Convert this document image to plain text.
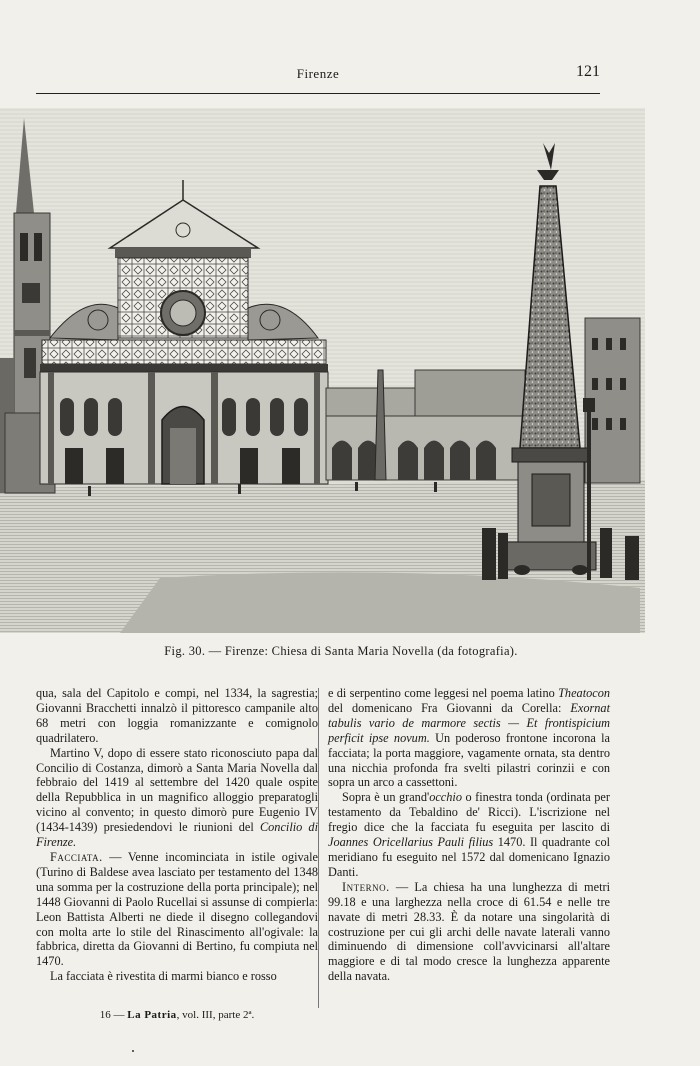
Firenze	121
Fig. 30. — Firenze: Chiesa di Santa Maria Novella (da fotografia).

qua, sala del Capitolo e compi, nel 1334, la sagrestia; Giovanni Bracchetti innalzò il pittoresco campanile alto 68 metri con loggia romanizzante e comignolo quadrilatero.

Martino V, dopo di essere stato riconosciuto papa dal Concilio di Costanza, dimorò a Santa Maria Novella dal febbraio del 1419 al settembre del 1420 quale ospite della Repubblica in un magnifico alloggio preparatogli vicino al convento; in questo dimorò pure Eugenio IV (1434-1439) presiedendovi le riunioni del Concilio di Firenze.

Facciata. — Venne incominciata in istile ogivale (Turino di Baldese avea lasciato per testamento del 1348 una somma per la costruzione della porta principale); nel 1448 Giovanni di Paolo Rucellai si assunse di compierla: Leon Battista Alberti ne diede il disegno collegandovi con molta arte lo stile del Rinascimento all'ogivale: la fabbrica, diretta da Giovanni di Bertino, fu compiuta nel 1470.

La facciata è rivestita di marmi bianco e rosso

e di serpentino come leggesi nel poema latino Theatocon del domenicano Fra Giovanni da Corella: Exornat tabulis vario de marmore sectis — Et frontispicium perficit ipse novum. Un poderoso frontone incorona la facciata; la porta maggiore, vagamente ornata, sta dentro una nicchia profonda fra svelti pilastri corinzii e con sopra un arco a cassettoni.

Sopra è un grand'occhio o finestra tonda (ordinata per testamento da Tebaldino de' Ricci). L'iscrizione nel fregio dice che la facciata fu eseguita per lascito di Joannes Oricellarius Pauli filius 1470. Il quadrante col meridiano fu eseguito nel 1572 dal domenicano Ignazio Danti.

Interno. — La chiesa ha una lunghezza di metri 99.18 e una larghezza nella croce di 61.54 e nelle tre navate di metri 28.33. È da notare una singolarità di costruzione per cui gli archi delle navate laterali vanno diminuendo di dimensione coll'avvicinarsi all'altare maggiore e di tal modo cresce la lunghezza apparente della navata.

16 — La Patria, vol. III, parte 2ª.
